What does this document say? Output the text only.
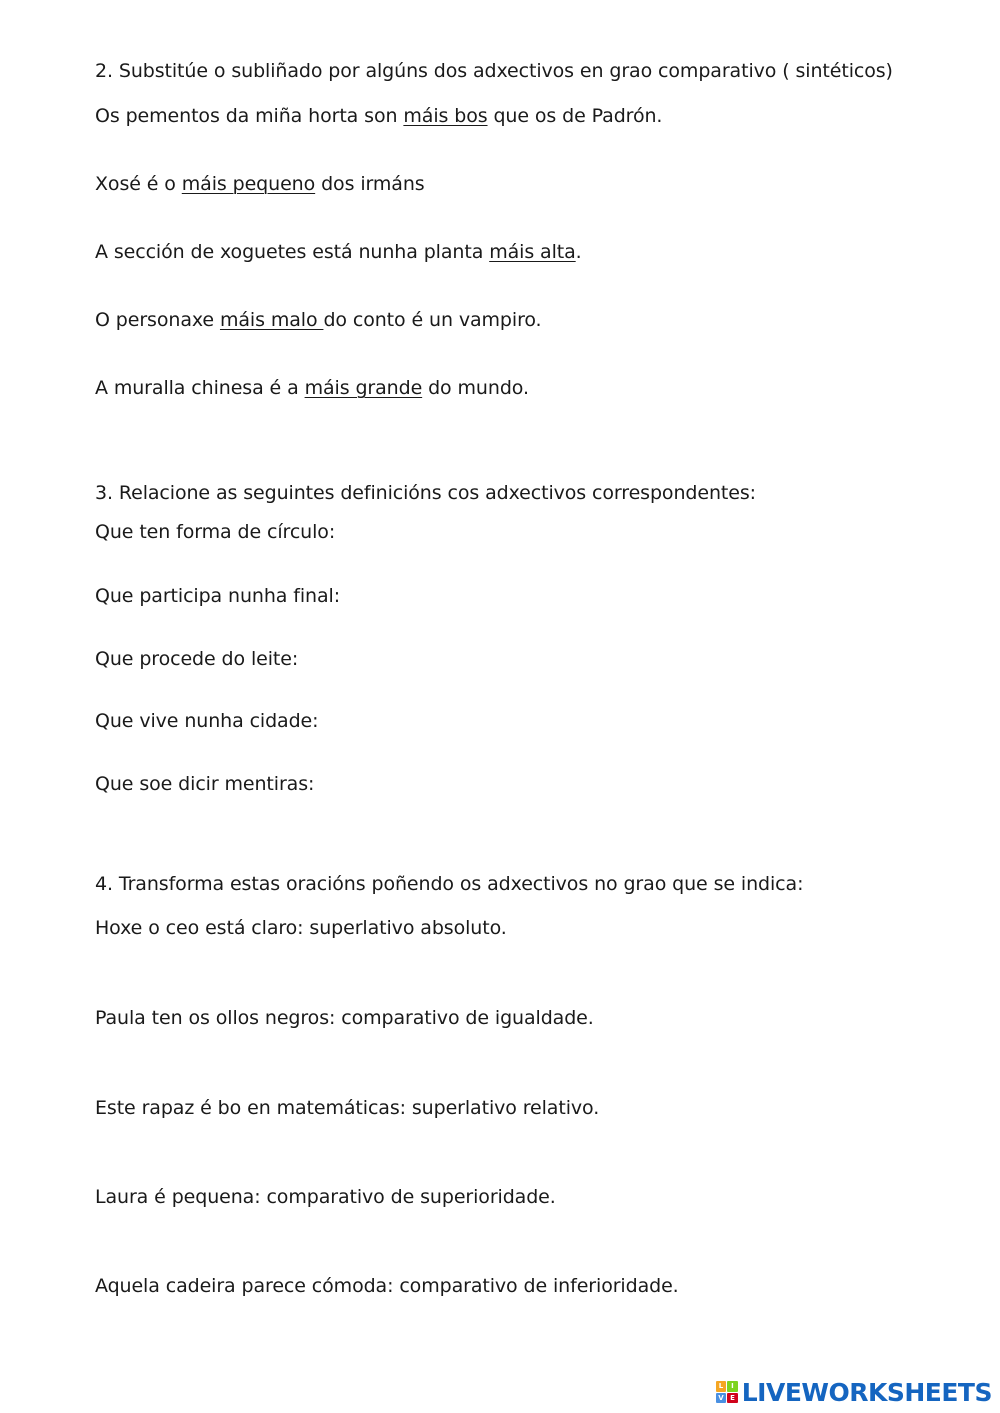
2. Substitúe o subliñado por algúns dos adxectivos en grao comparativo ( sintéticos)
Os pementos da miña horta son máis bos que os de Padrón.
Xosé é o máis pequeno dos irmáns
A sección de xoguetes está nunha planta máis alta.
O personaxe máis malo do conto é un vampiro.
A muralla chinesa é a máis grande do mundo.
3. Relacione as seguintes definicións cos adxectivos correspondentes:
Que ten forma de círculo:
Que participa nunha final:
Que procede do leite:
Que vive nunha cidade:
Que soe dicir mentiras:
4. Transforma estas oracións poñendo os adxectivos no grao que se indica:
Hoxe o ceo está claro: superlativo absoluto.
Paula ten os ollos negros: comparativo de igualdade.
Este rapaz é bo en matemáticas: superlativo relativo.
Laura é pequena: comparativo de superioridade.
Aquela cadeira parece cómoda: comparativo de inferioridade.
L	I
V E LIVEWORKSHEETS
